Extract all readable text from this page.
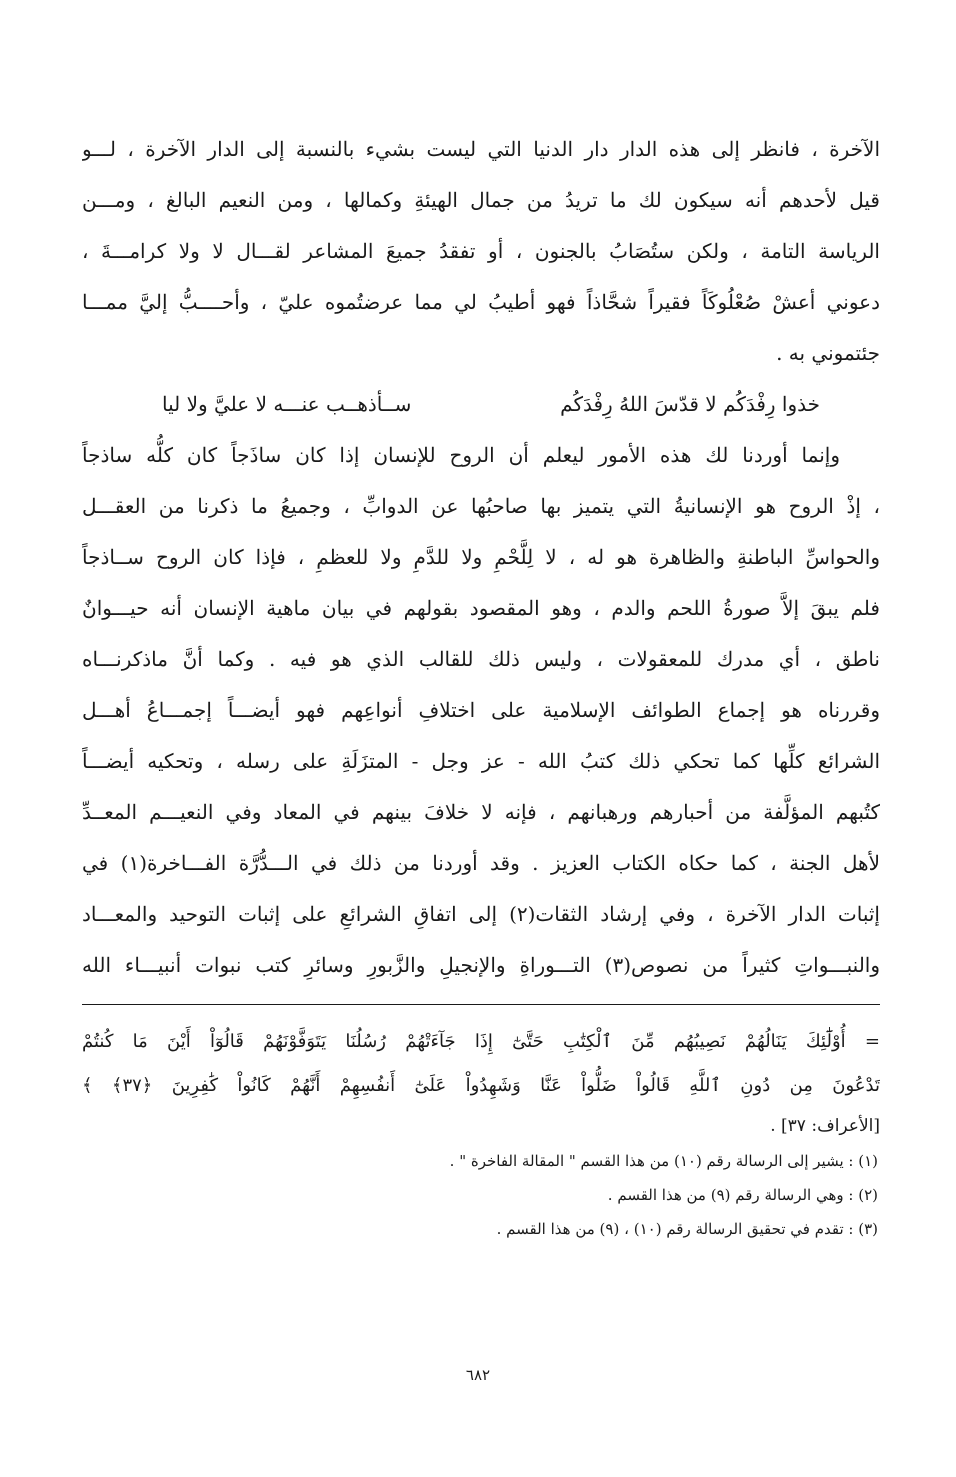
الآخرة ، فانظر إلى هذه الدار دار الدنيا التي ليست بشيء بالنسبة إلى الدار الآخرة ، لـــو
قيل لأحدهم أنه سيكون لك ما تريدُ من جمال الهيئةِ وكمالها ، ومن النعيم البالغ ، ومـــن
الرياسة التامة ، ولكن ستُصَابُ بالجنون ، أو تفقدُ جميعَ المشاعر لقـــال لا ولا كرامـــةَ ،
دعوني أعشْ صُعْلُوكَاً فقيراً شحَّاذاً فهو أطيبُ لي مما عرضتُموه عليّ ، وأحــــبُّ إليَّ ممـــا
جئتموني به .
خذوا رِفْدَكُم لا قدّسَ اللهُ رِفْدَكُم
ســأذهــب عنـــه لا عليَّ ولا ليا
وإنما أوردنا لك هذه الأمور ليعلم أن الروح للإنسان إذا كان ساذَجاً كان كلُّه ساذجاً
، إذْ الروح هو الإنسانيةُ التي يتميز بها صاحبُها عن الدوابِّ ، وجميعُ ما ذكرنا من العقـــل
والحواسِّ الباطنةِ والظاهرة هو له ، لا لِلَّحْمِ ولا للدَّمِ ولا للعظمِ ، فإذا كان الروح ســاذجاً
فلم يبقَ إلاَّ صورةُ اللحم والدم ، وهو المقصود بقولهم في بيان ماهية الإنسان أنه حيـــوانٌ
ناطق ، أي مدرك للمعقولات ، وليس ذلك للقالب الذي هو فيه . وكما أنَّ ماذكرنـــاه
وقررناه هو إجماع الطوائف الإسلامية على اختلافِ أنواعِهم فهو أيضـــاً إجمـــاعُ أهـــل
الشرائع كلِّها كما تحكي ذلك كتبُ الله - عز وجل - المتزَلَةِ على رسله ، وتحكيه أيضـــاً
كتُبهم المؤلَّفة من أحبارهم ورهبانهم ، فإنه لا خلافَ بينهم في المعاد وفي النعيـــم المعــدِّ
لأهل الجنة ، كما حكاه الكتاب العزيز . وقد أوردنا من ذلك في الـــدُّرَّة الفـــاخرة(١) في
إثبات الدار الآخرة ، وفي إرشاد الثقات(٢) إلى اتفاقِ الشرائعِ على إثبات التوحيد والمعـــاد
والنبـــواتِ كثيراً من نصوص(٣) التـــوراةِ والإنجيلِ والزَّبورِ وسائرِ كتب نبوات أنبيـــاء الله
= أُوْلَٰٓئِكَ يَنَالُهُمْ نَصِيبُهُم مِّنَ ٱلْكِتَٰبِ حَتَّىٰٓ إِذَا جَآءَتْهُمْ رُسُلُنَا يَتَوَفَّوْنَهُمْ قَالُوٓاْ أَيْنَ مَا كُنتُمْ
تَدْعُونَ مِن دُونِ ٱللَّهِ قَالُواْ ضَلُّواْ عَنَّا وَشَهِدُواْ عَلَىٰٓ أَنفُسِهِمْ أَنَّهُمْ كَانُواْ كَٰفِرِينَ ﴿٣٧﴾ ﴾
[الأعراف: ٣٧] .
(١) : يشير إلى الرسالة رقم (١٠) من هذا القسم " المقالة الفاخرة " .
(٢) : وهي الرسالة رقم (٩) من هذا القسم .
(٣) : تقدم في تحقيق الرسالة رقم (١٠) ، (٩) من هذا القسم .
٦٨٢
